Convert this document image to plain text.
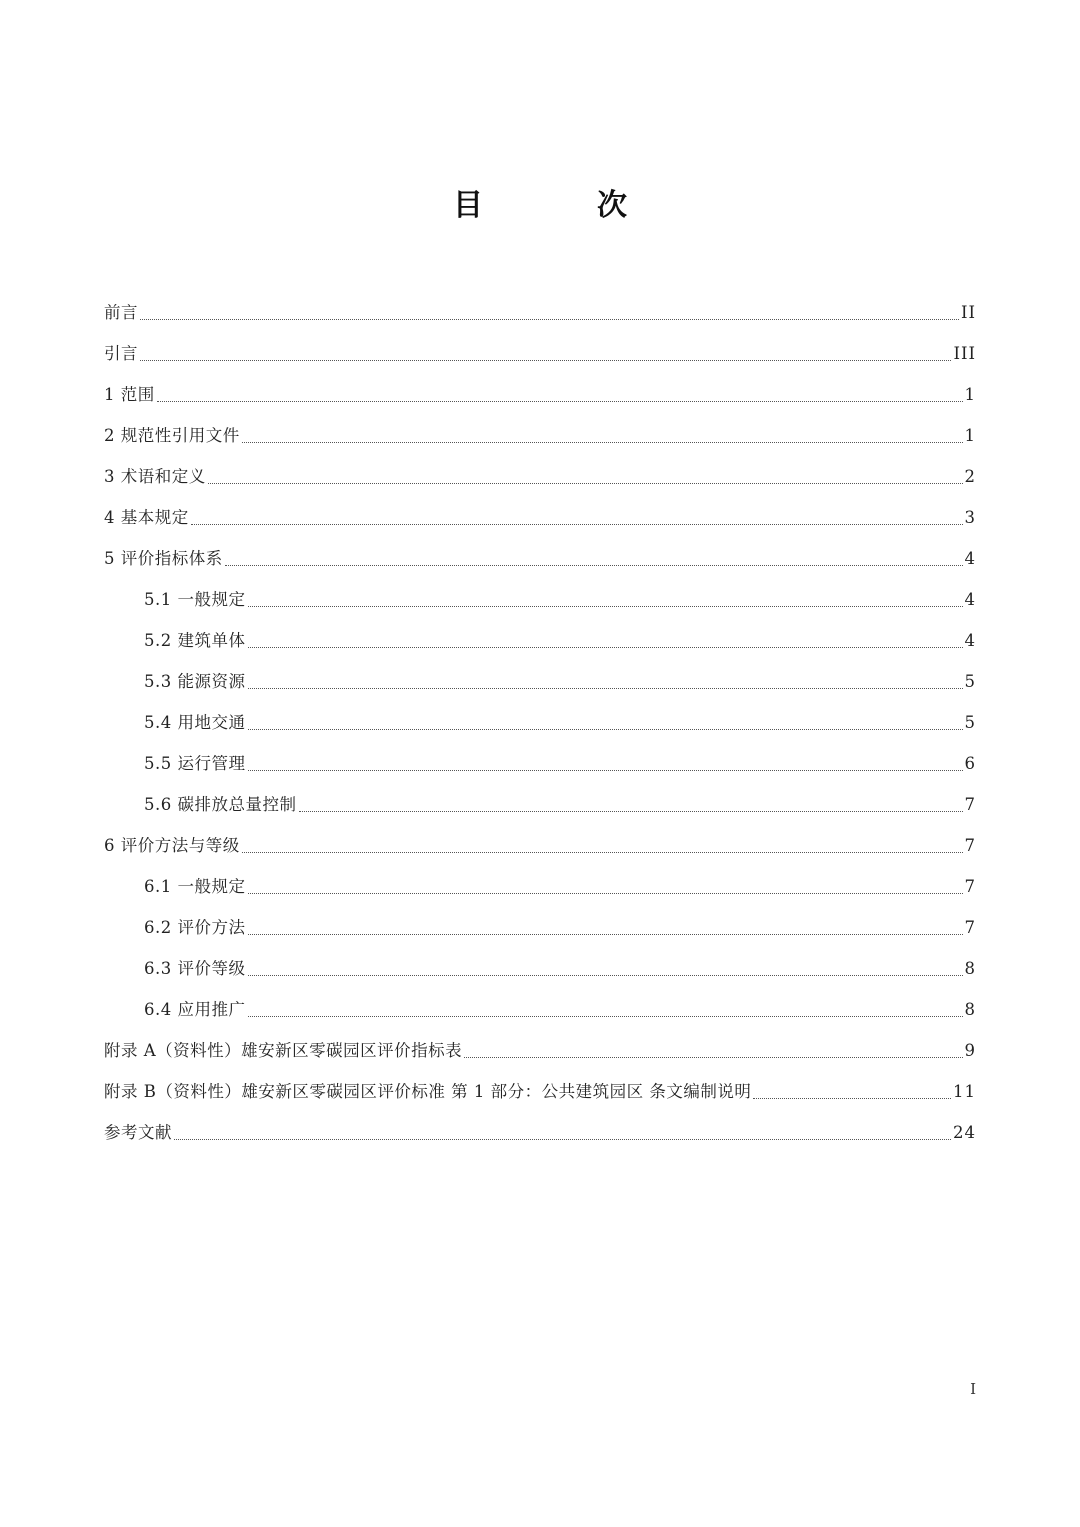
目　次
前言	II
引言	III
1 范围	1
2 规范性引用文件	1
3 术语和定义	2
4 基本规定	3
5 评价指标体系	4
5.1 一般规定	4
5.2 建筑单体	4
5.3 能源资源	5
5.4 用地交通	5
5.5 运行管理	6
5.6 碳排放总量控制	7
6 评价方法与等级	7
6.1 一般规定	7
6.2 评价方法	7
6.3 评价等级	8
6.4 应用推广	8
附录 A（资料性）雄安新区零碳园区评价指标表	9
附录 B（资料性）雄安新区零碳园区评价标准 第 1 部分：公共建筑园区 条文编制说明	11
参考文献	24
I
